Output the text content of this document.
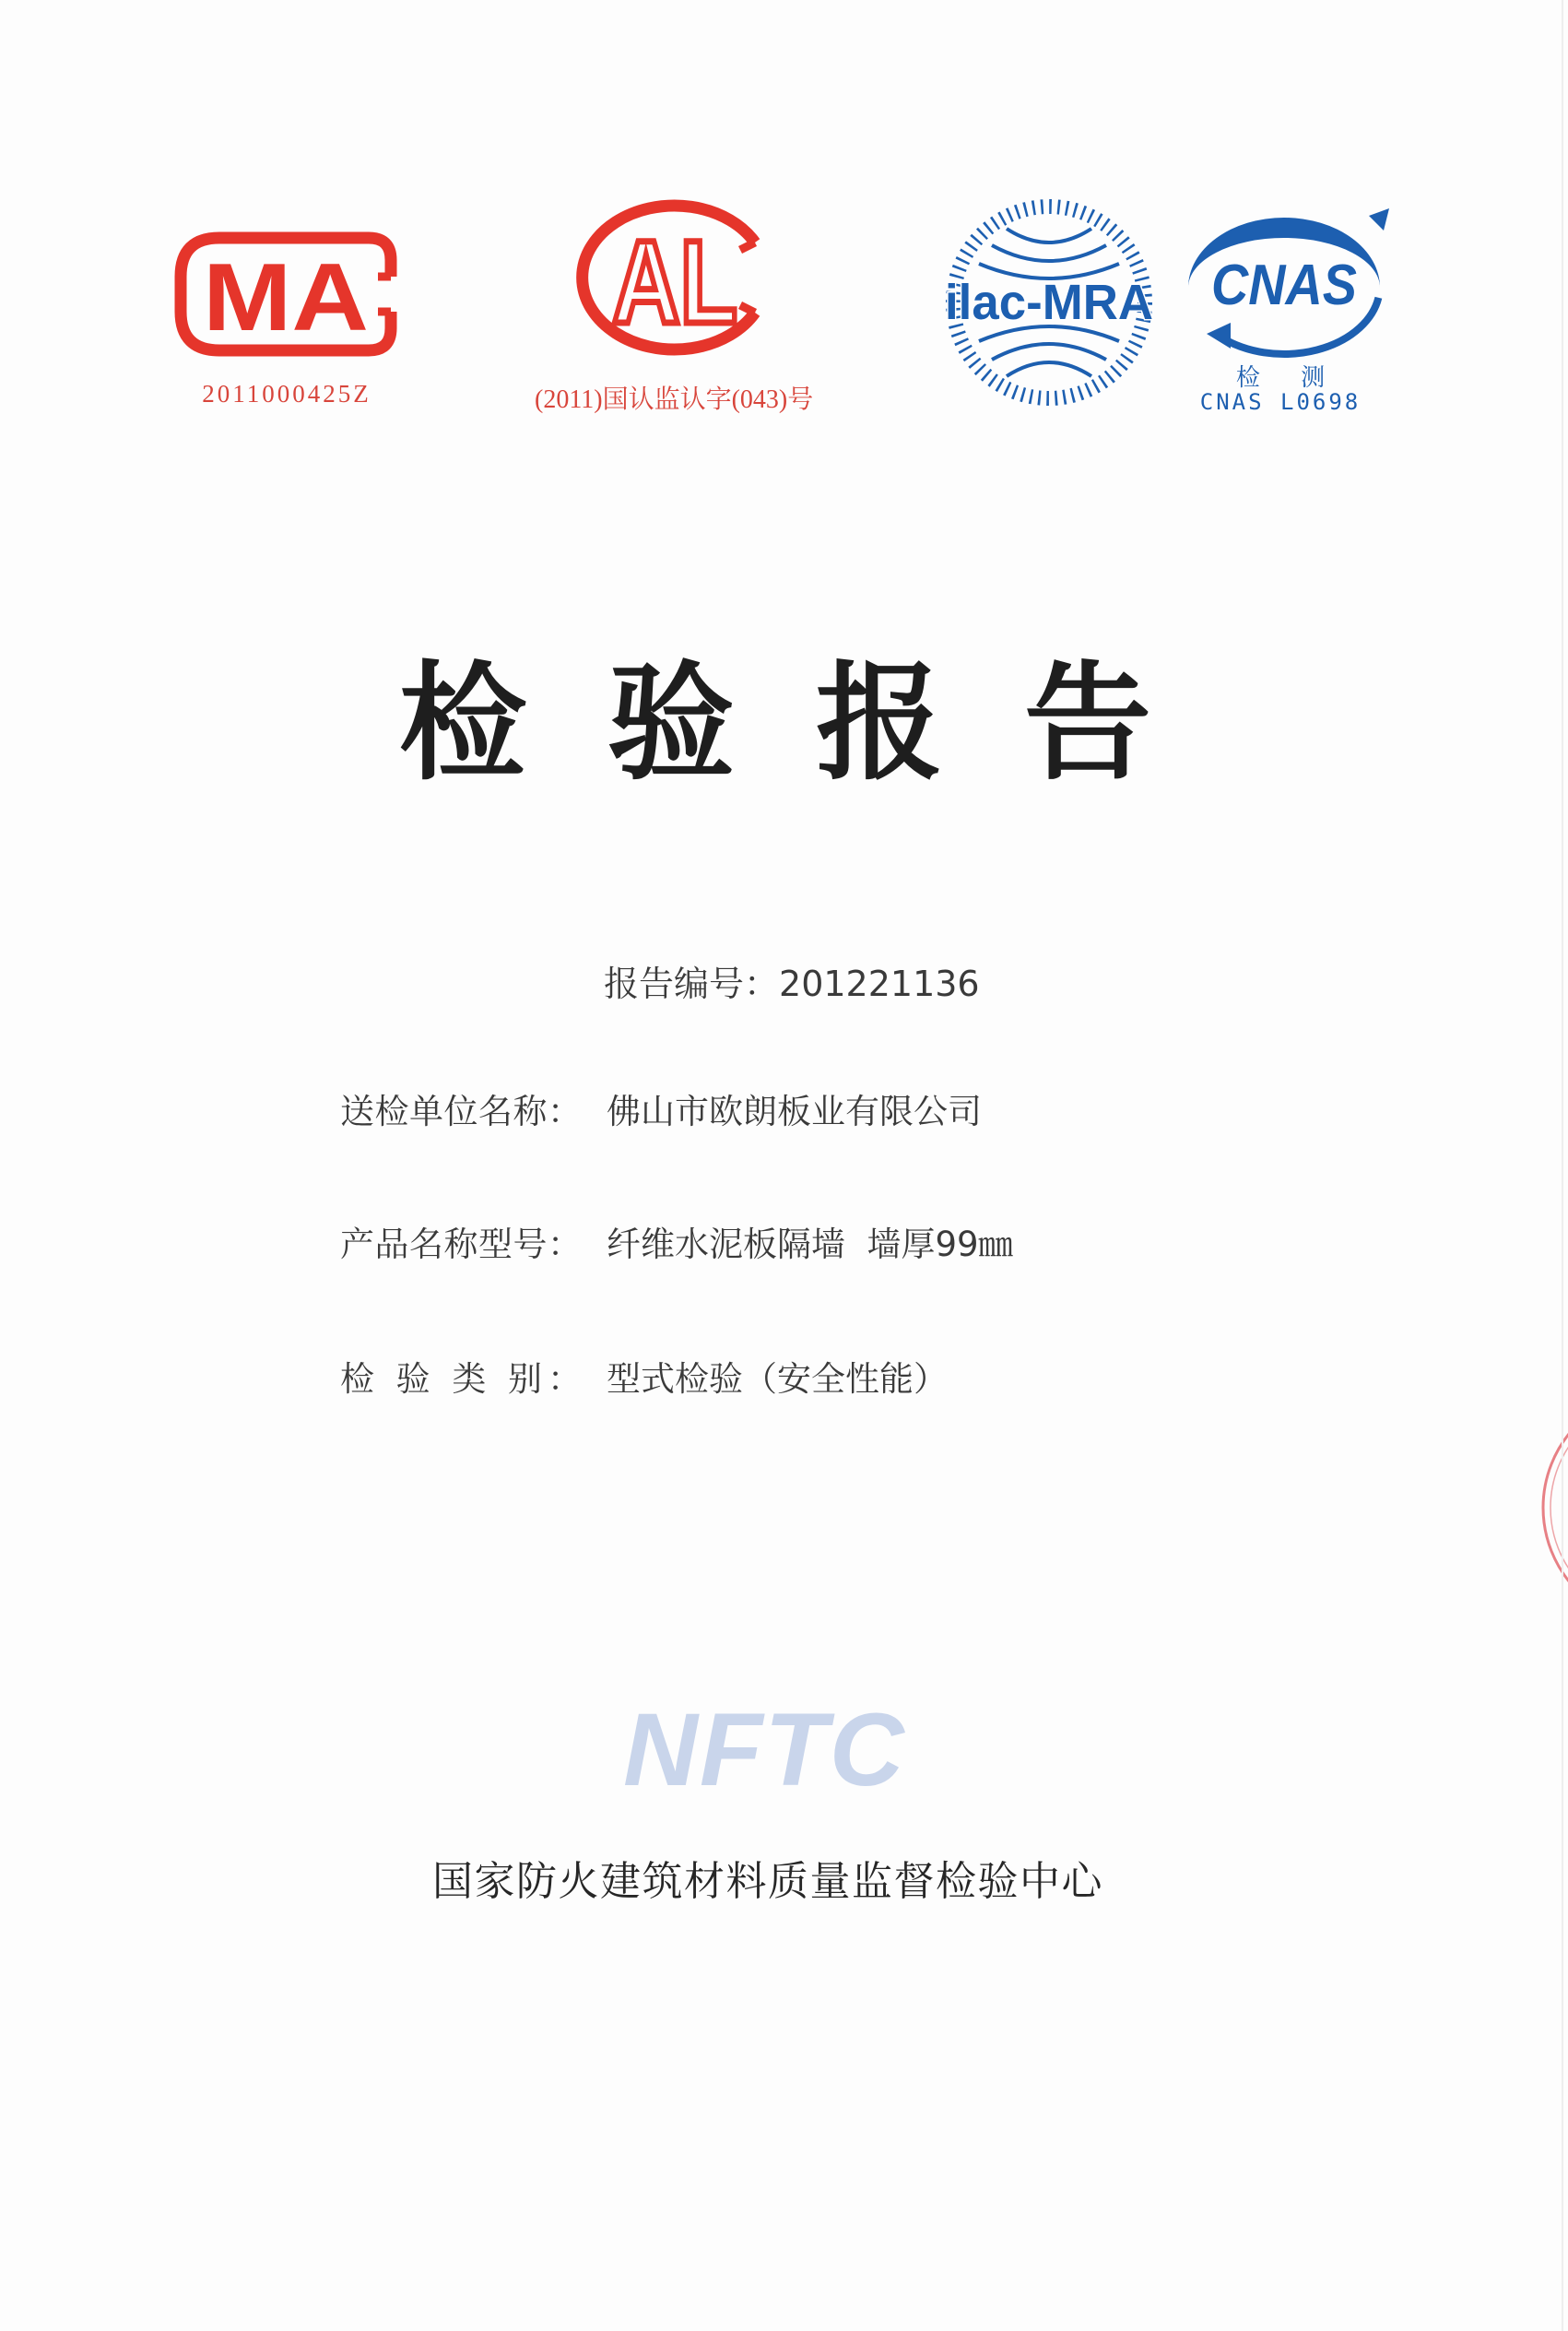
MA
2011000425Z
AL
(2011)国认监认字(043)号
ilac-MRA CNAS
检 测
CNAS L0698
检验报告
报告编号：201221136
送检单位名称： 佛山市欧朗板业有限公司
产品名称型号： 纤维水泥板隔墙  墙厚99㎜
检 验 类 别： 型式检验（安全性能）
NFTC
国家防火建筑材料质量监督检验中心
